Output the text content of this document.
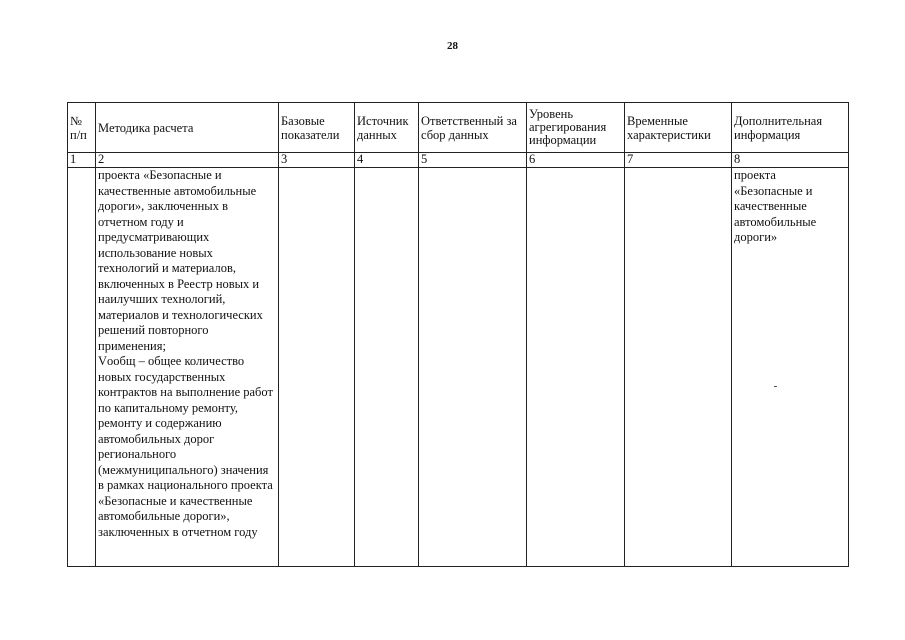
28
№ п/п	Методика расчета	Базовые показатели	Источник данных	Ответственный за сбор данных	Уровень агрегирования информации	Временные характеристики	Дополнительная информация
1	2	3	4	5	6	7	8

	проекта «Безопасные и качественные автомобильные дороги», заключенных в отчетном году и предусматривающих использование новых технологий и материалов, включенных в Реестр новых и наилучших технологий, материалов и технологических решений повторного применения;
Vообщ – общее количество новых государственных контрактов на выполнение работ по капитальному ремонту, ремонту и содержанию автомобильных дорог регионального (межмуниципального) значения в рамках национального проекта «Безопасные и качественные автомобильные дороги», заключенных в отчетном году						проекта «Безопасные и качественные автомобильные дороги»
